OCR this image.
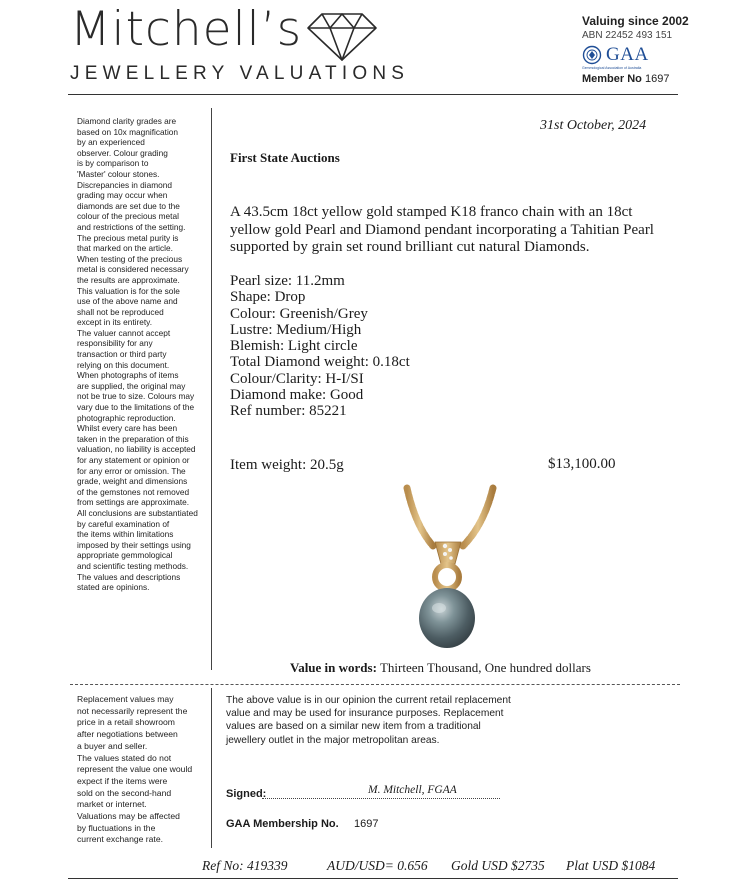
Mitchell’s
JEWELLERY VALUATIONS
Valuing since 2002
ABN 22452 493 151
GAA
Gemmological Association of Australia
Member No 1697
Diamond clarity grades are
based on 10x magnification
by an experienced
observer. Colour grading
is by comparison to
'Master' colour stones.
Discrepancies in diamond
grading may occur when
diamonds are set due to the
colour of the precious metal
and restrictions of the setting.
The precious metal purity is
that marked on the article.
When testing of the precious
metal is considered necessary
the results are approximate.
This valuation is for the sole
use of the above name and
shall not be reproduced
except in its entirety.
The valuer cannot accept
responsibility for any
transaction or third party
relying on this document.
When photographs of items
are supplied, the original may
not be true to size. Colours may
vary due to the limitations of the
photographic reproduction.
Whilst every care has been
taken in the preparation of this
valuation, no liability is accepted
for any statement or opinion or
for any error or omission. The
grade, weight and dimensions
of the gemstones not removed
from settings are approximate.
All conclusions are substantiated
by careful examination of
the items within limitations
imposed by their settings using
appropriate gemmological
and scientific testing methods.
The values and descriptions
stated are opinions.
31st October, 2024
First State Auctions
A 43.5cm 18ct yellow gold stamped K18 franco chain with an 18ct yellow gold Pearl and Diamond pendant incorporating a Tahitian Pearl supported by grain set round brilliant cut natural Diamonds.
Pearl size: 11.2mm
Shape: Drop
Colour: Greenish/Grey
Lustre: Medium/High
Blemish: Light circle
Total Diamond weight: 0.18ct
Colour/Clarity: H-I/SI
Diamond make: Good
Ref number: 85221
Item weight: 20.5g	$13,100.00
Value in words: Thirteen Thousand, One hundred dollars
Replacement values may
not necessarily represent the
price in a retail showroom
after negotiations between
a buyer and seller.
The values stated do not
represent the value one would
expect if the items were
sold on the second-hand
market or internet.
Valuations may be affected
by fluctuations in the
current exchange rate.
The above value is in our opinion the current retail replacement value and may be used for insurance purposes. Replacement values are based on a similar new item from a traditional jewellery outlet in the major metropolitan areas.
Signed:	M. Mitchell, FGAA
GAA Membership No. 1697
Ref No: 419339	AUD/USD= 0.656 Gold USD $2735 Plat USD $1084
